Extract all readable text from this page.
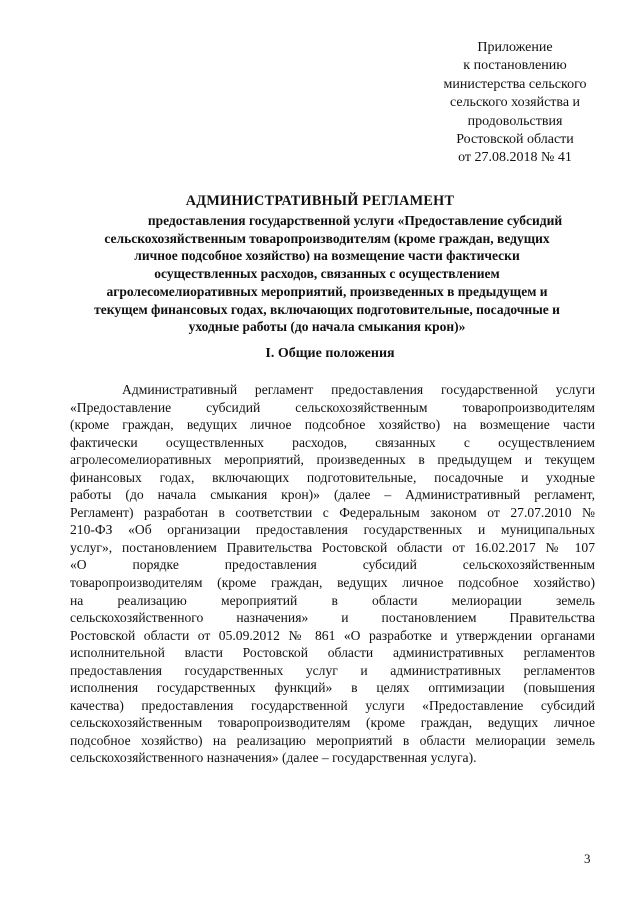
Приложение
к постановлению
министерства сельского
сельского хозяйства и
продовольствия
Ростовской области
от 27.08.2018 № 41
АДМИНИСТРАТИВНЫЙ РЕГЛАМЕНТ
предоставления государственной услуги «Предоставление субсидий
сельскохозяйственным товаропроизводителям (кроме граждан, ведущих
личное подсобное хозяйство) на возмещение части фактически
осуществленных расходов, связанных с осуществлением
агролесомелиоративных мероприятий, произведенных в предыдущем и
текущем финансовых годах, включающих подготовительные, посадочные и
уходные работы (до начала смыкания крон)»
I. Общие положения
Административный регламент предоставления государственной услуги
«Предоставление субсидий сельскохозяйственным товаропроизводителям
(кроме граждан, ведущих личное подсобное хозяйство) на возмещение части
фактически осуществленных расходов, связанных с осуществлением
агролесомелиоративных мероприятий, произведенных в предыдущем и текущем
финансовых годах, включающих подготовительные, посадочные и уходные
работы (до начала смыкания крон)» (далее – Административный регламент,
Регламент) разработан в соответствии с Федеральным законом от 27.07.2010 №
210-ФЗ «Об организации предоставления государственных и муниципальных
услуг», постановлением Правительства Ростовской области от 16.02.2017 № 107
«О порядке предоставления субсидий сельскохозяйственным
товаропроизводителям (кроме граждан, ведущих личное подсобное хозяйство)
на реализацию мероприятий в области мелиорации земель
сельскохозяйственного назначения» и постановлением Правительства
Ростовской области от 05.09.2012 № 861 «О разработке и утверждении органами
исполнительной власти Ростовской области административных регламентов
предоставления государственных услуг и административных регламентов
исполнения государственных функций» в целях оптимизации (повышения
качества) предоставления государственной услуги «Предоставление субсидий
сельскохозяйственным товаропроизводителям (кроме граждан, ведущих личное
подсобное хозяйство) на реализацию мероприятий в области мелиорации земель
сельскохозяйственного назначения» (далее – государственная услуга).
3
